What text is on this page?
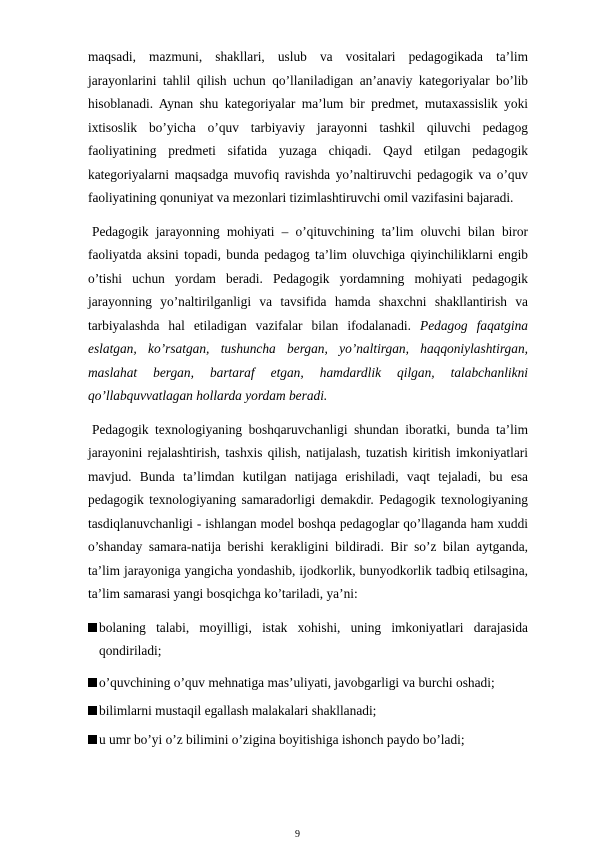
maqsadi, mazmuni, shakllari, uslub va vositalari pedagogikada ta’lim jarayonlarini tahlil qilish uchun qo’llaniladigan an’anaviy kategoriyalar bo’lib hisoblanadi. Aynan shu kategoriyalar ma’lum bir predmet, mutaxassislik yoki ixtisoslik bo’yicha o’quv tarbiyaviy jarayonni tashkil qiluvchi pedagog faoliyatining predmeti sifatida yuzaga chiqadi. Qayd etilgan pedagogik kategoriyalarni maqsadga muvofiq ravishda yo’naltiruvchi pedagogik va o’quv faoliyatining qonuniyat va mezonlari tizimlashtiruvchi omil vazifasini bajaradi.

Pedagogik jarayonning mohiyati – o’qituvchining ta’lim oluvchi bilan biror faoliyatda aksini topadi, bunda pedagog ta’lim oluvchiga qiyinchiliklarni engib o’tishi uchun yordam beradi. Pedagogik yordamning mohiyati pedagogik jarayonning yo’naltirilganligi va tavsifida hamda shaxchni shakllantirish va tarbiyalashda hal etiladigan vazifalar bilan ifodalanadi. Pedagog faqatgina eslatgan, ko’rsatgan, tushuncha bergan, yo’naltirgan, haqqoniylashtirgan, maslahat bergan, bartaraf etgan, hamdardlik qilgan, talabchanlikni qo’llabquvvatlagan hollarda yordam beradi.

Pedagogik texnologiyaning boshqaruvchanligi shundan iboratki, bunda ta’lim jarayonini rejalashtirish, tashxis qilish, natijalash, tuzatish kiritish imkoniyatlari mavjud. Bunda ta’limdan kutilgan natijaga erishiladi, vaqt tejaladi, bu esa pedagogik texnologiyaning samaradorligi demakdir. Pedagogik texnologiyaning tasdiqlanuvchanligi - ishlangan model boshqa pedagoglar qo’llaganda ham xuddi o’shanday samara-natija berishi kerakligini bildiradi. Bir so’z bilan aytganda, ta’lim jarayoniga yangicha yondashib, ijodkorlik, bunyodkorlik tadbiq etilsagina, ta’lim samarasi yangi bosqichga ko’tariladi, ya’ni:

bolaning talabi, moyilligi, istak xohishi, uning imkoniyatlari darajasida qondiriladi;
o’quvchining o’quv mehnatiga mas’uliyati, javobgarligi va burchi oshadi;
bilimlarni mustaqil egallash malakalari shakllanadi;
u umr bo’yi o’z bilimini o’zigina boyitishiga ishonch paydo bo’ladi;
9
